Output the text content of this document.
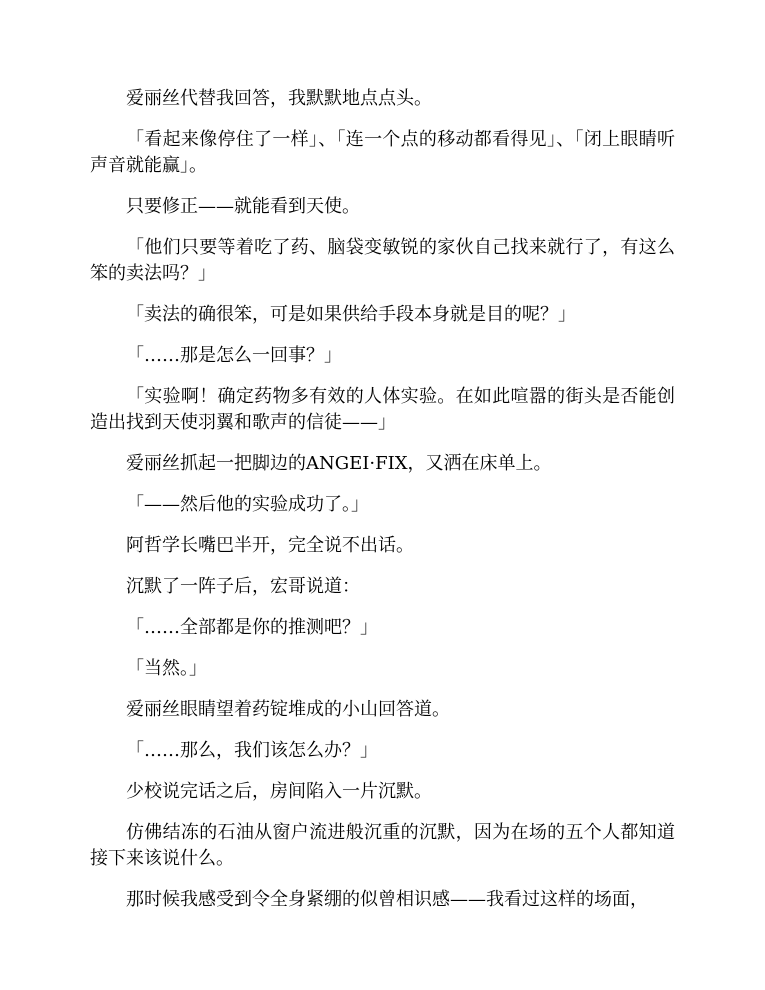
爱丽丝代替我回答，我默默地点点头。

「看起来像停住了一样」、「连一个点的移动都看得见」、「闭上眼睛听声音就能赢」。

只要修正——就能看到天使。

「他们只要等着吃了药、脑袋变敏锐的家伙自己找来就行了，有这么笨的卖法吗？」

「卖法的确很笨，可是如果供给手段本身就是目的呢？」

「……那是怎么一回事？」

「实验啊！确定药物多有效的人体实验。在如此喧嚣的街头是否能创造出找到天使羽翼和歌声的信徒——」

爱丽丝抓起一把脚边的ANGEI·FIX，又洒在床单上。

「——然后他的实验成功了。」

阿哲学长嘴巴半开，完全说不出话。

沉默了一阵子后，宏哥说道：

「……全部都是你的推测吧？」

「当然。」

爱丽丝眼睛望着药锭堆成的小山回答道。

「……那么，我们该怎么办？」

少校说完话之后，房间陷入一片沉默。

仿佛结冻的石油从窗户流进般沉重的沉默，因为在场的五个人都知道接下来该说什么。

那时候我感受到令全身紧绷的似曾相识感——我看过这样的场面，
